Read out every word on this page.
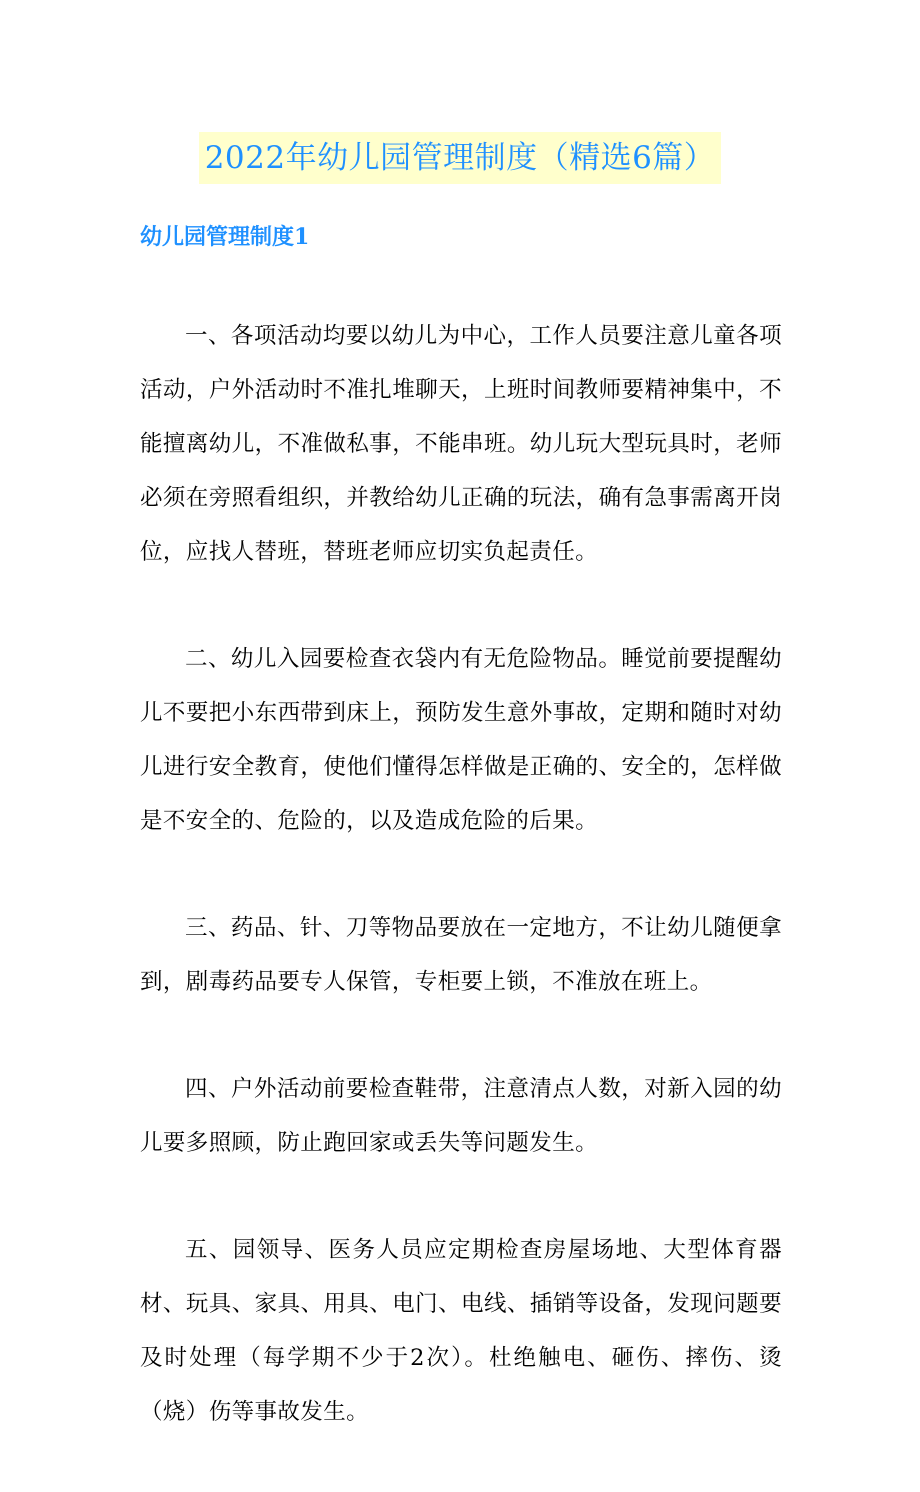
2022年幼儿园管理制度（精选6篇）
幼儿园管理制度1

一、各项活动均要以幼儿为中心，工作人员要注意儿童各项活动，户外活动时不准扎堆聊天，上班时间教师要精神集中，不能擅离幼儿，不准做私事，不能串班。幼儿玩大型玩具时，老师必须在旁照看组织，并教给幼儿正确的玩法，确有急事需离开岗位，应找人替班，替班老师应切实负起责任。

二、幼儿入园要检查衣袋内有无危险物品。睡觉前要提醒幼儿不要把小东西带到床上，预防发生意外事故，定期和随时对幼儿进行安全教育，使他们懂得怎样做是正确的、安全的，怎样做是不安全的、危险的，以及造成危险的后果。

三、药品、针、刀等物品要放在一定地方，不让幼儿随便拿到，剧毒药品要专人保管，专柜要上锁，不准放在班上。

四、户外活动前要检查鞋带，注意清点人数，对新入园的幼儿要多照顾，防止跑回家或丢失等问题发生。

五、园领导、医务人员应定期检查房屋场地、大型体育器材、玩具、家具、用具、电门、电线、插销等设备，发现问题要及时处理（每学期不少于2次）。杜绝触电、砸伤、摔伤、烫（烧）伤等事故发生。
